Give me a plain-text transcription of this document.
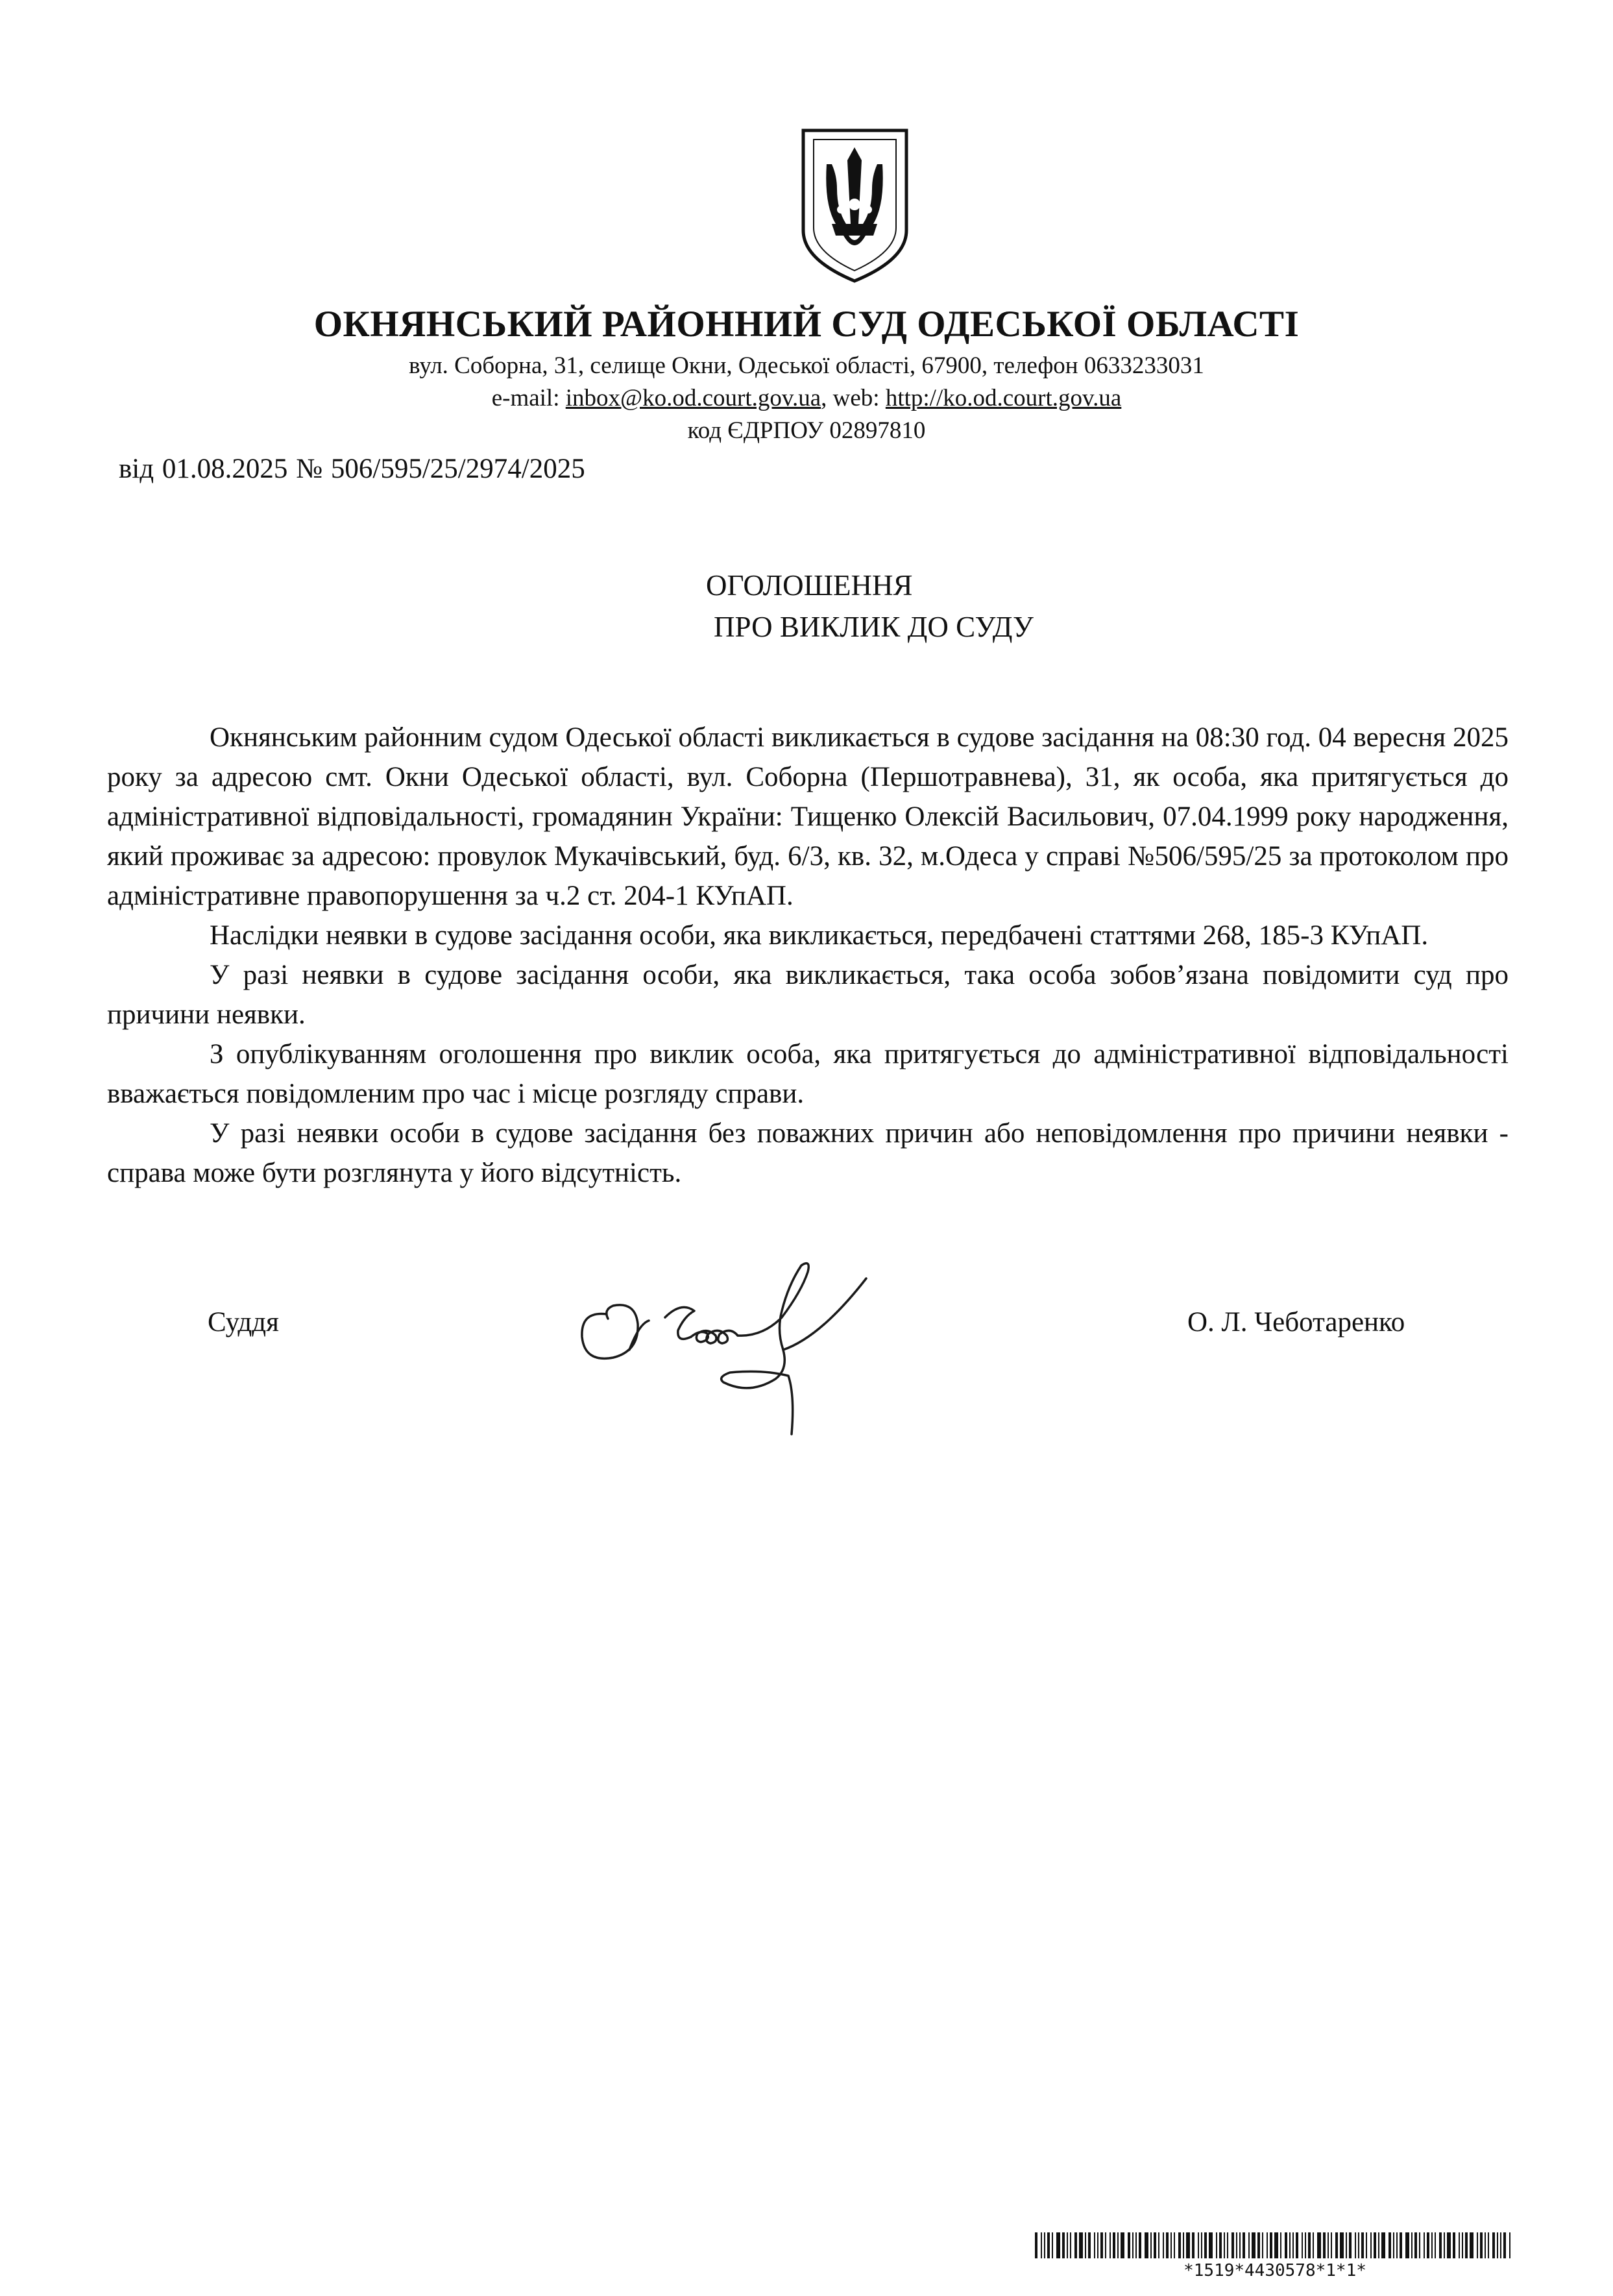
ОКНЯНСЬКИЙ РАЙОННИЙ СУД ОДЕСЬКОЇ ОБЛАСТІ
вул. Соборна, 31, селище Окни, Одеської області, 67900, телефон 0633233031
e-mail: inbox@ko.od.court.gov.ua, web: http://ko.od.court.gov.ua
код ЄДРПОУ 02897810
від 01.08.2025 № 506/595/25/2974/2025
ОГОЛОШЕННЯ
ПРО ВИКЛИК ДО СУДУ

Окнянським районним судом Одеської області викликається в судове засідання на 08:30 год. 04 вересня 2025 року за адресою смт. Окни Одеської області, вул. Соборна (Першотравнева), 31, як особа, яка притягується до адміністративної відповідальності, громадянин України: Тищенко Олексій Васильович, 07.04.1999 року народження, який проживає за адресою: провулок Мукачівський, буд. 6/3, кв. 32, м.Одеса у справі №506/595/25 за протоколом про адміністративне правопорушення за ч.2 ст. 204-1 КУпАП.

Наслідки неявки в судове засідання особи, яка викликається, передбачені статтями 268, 185-3 КУпАП.

У разі неявки в судове засідання особи, яка викликається, така особа зобов’язана повідомити суд про причини неявки.

З опублікуванням оголошення про виклик особа, яка притягується до адміністративної відповідальності вважається повідомленим про час і місце розгляду справи.

У разі неявки особи в судове засідання без поважних причин або неповідомлення про причини неявки - справа може бути розглянута у його відсутність.

Суддя	О. Л. Чеботаренко
*1519*4430578*1*1*
